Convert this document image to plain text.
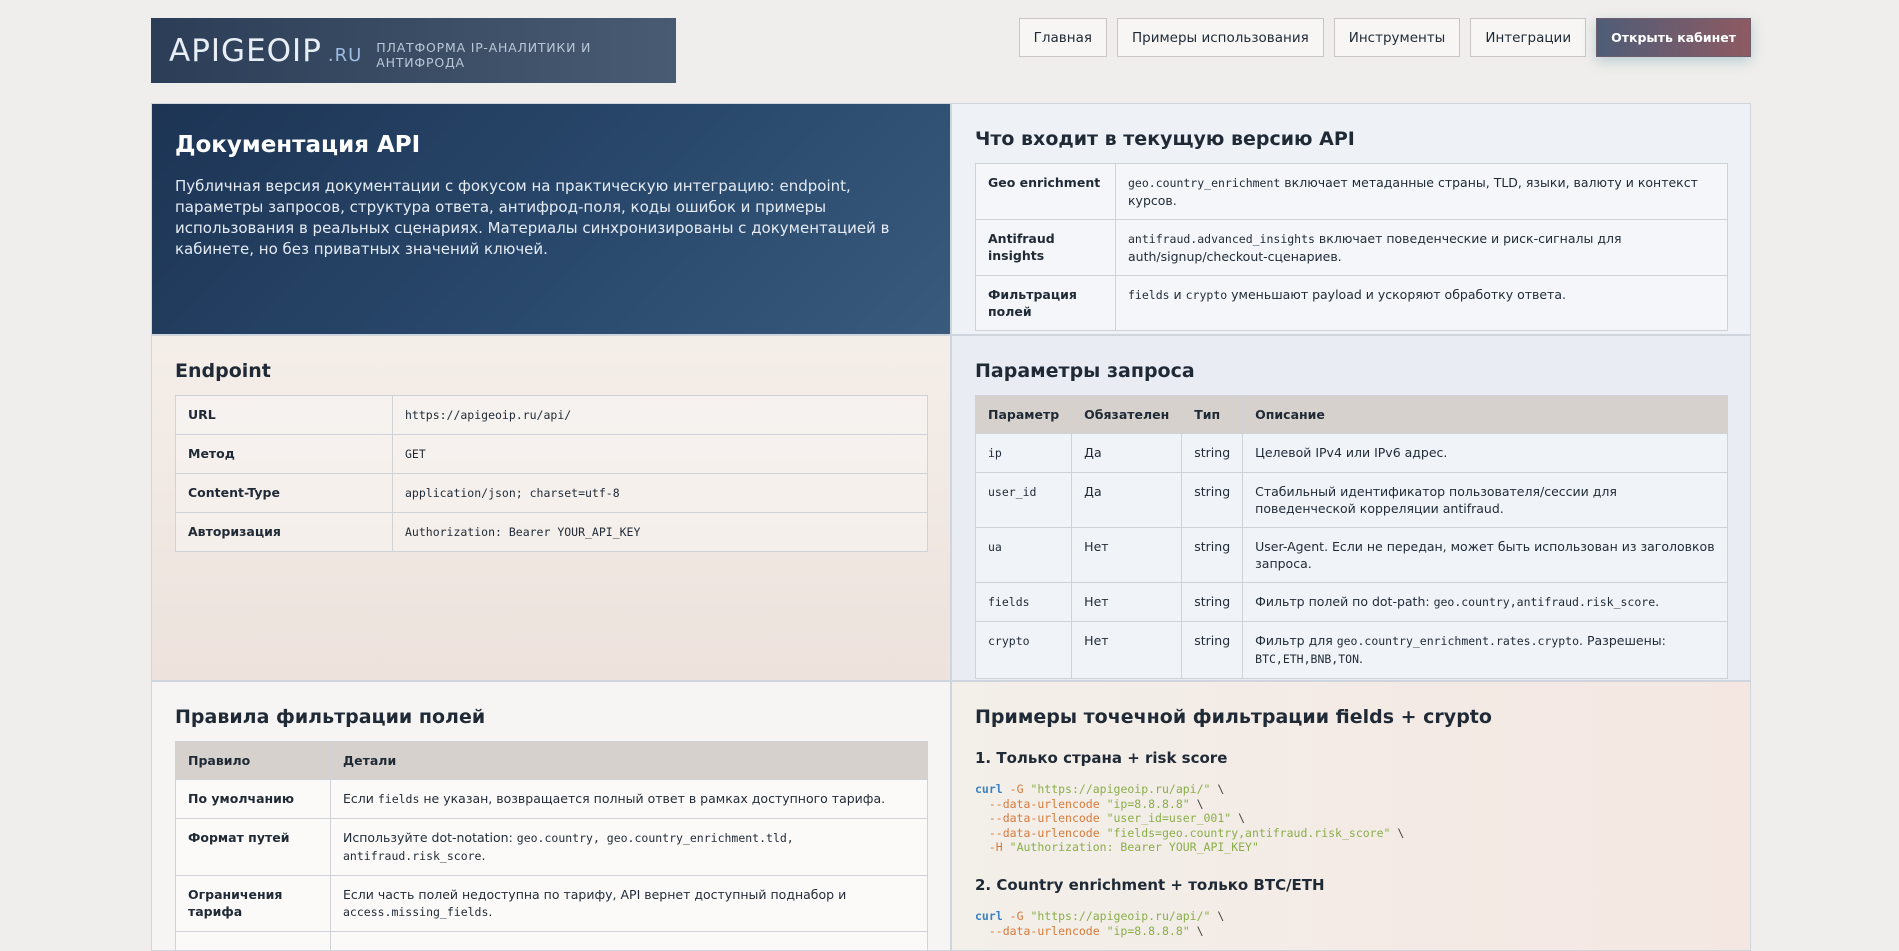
APIGEOIP .RU ПЛАТФОРМА IP-АНАЛИТИКИ И АНТИФРОДА
Главная	Примеры использования	Инструменты	Интеграции	Открыть кабинет
Документация API
Публичная версия документации с фокусом на практическую интеграцию: endpoint, параметры запросов, структура ответа, антифрод-поля, коды ошибок и примеры использования в реальных сценариях. Материалы синхронизированы с документацией в кабинете, но без приватных значений ключей.
Что входит в текущую версию API
Geo enrichment	geo.country_enrichment включает метаданные страны, TLD, языки, валюту и контекст курсов.
Antifraud insights	antifraud.advanced_insights включает поведенческие и риск-сигналы для auth/signup/checkout-сценариев.
Фильтрация полей	fields и crypto уменьшают payload и ускоряют обработку ответа.
Endpoint
URL	https://apigeoip.ru/api/
Метод	GET
Content-Type	application/json; charset=utf-8
Авторизация	Authorization: Bearer YOUR_API_KEY
Параметры запроса
Параметр	Обязателен	Тип	Описание
ip	Да	string	Целевой IPv4 или IPv6 адрес.
user_id	Да	string	Стабильный идентификатор пользователя/сессии для поведенческой корреляции antifraud.
ua	Нет	string	User-Agent. Если не передан, может быть использован из заголовков запроса.
fields	Нет	string	Фильтр полей по dot-path: geo.country,antifraud.risk_score.
crypto	Нет	string	Фильтр для geo.country_enrichment.rates.crypto. Разрешены: BTC,ETH,BNB,TON.
Правила фильтрации полей
Правило	Детали
По умолчанию	Если fields не указан, возвращается полный ответ в рамках доступного тарифа.
Формат путей	Используйте dot-notation: geo.country, geo.country_enrichment.tld, antifraud.risk_score.
Ограничения тарифа	Если часть полей недоступна по тарифу, API вернет доступный поднабор и access.missing_fields.

Примеры точечной фильтрации fields + crypto
1. Только страна + risk score
curl -G "https://apigeoip.ru/api/" \
--data-urlencode "ip=8.8.8.8" \
--data-urlencode "user_id=user_001" \
--data-urlencode "fields=geo.country,antifraud.risk_score" \
-H "Authorization: Bearer YOUR_API_KEY"
2. Country enrichment + только BTC/ETH
curl -G "https://apigeoip.ru/api/" \
--data-urlencode "ip=8.8.8.8" \
